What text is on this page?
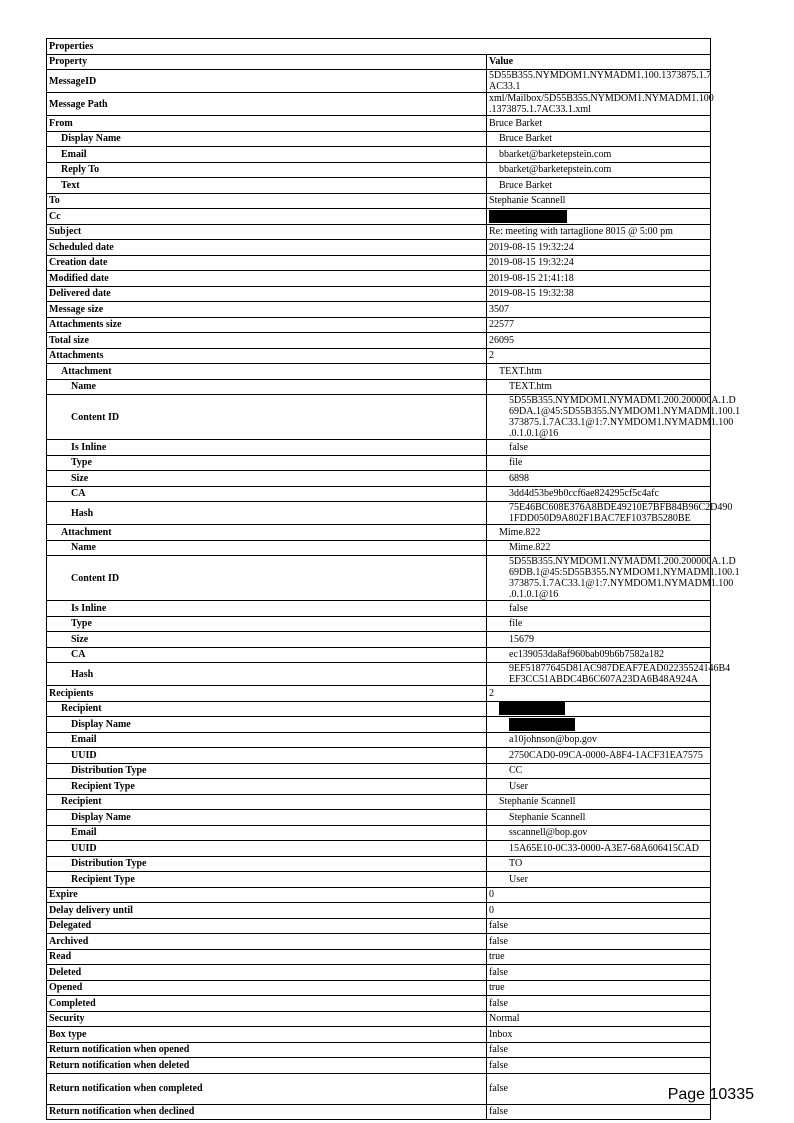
Properties	
Property	Value
MessageID	5D55B355.NYMDOM1.NYMADM1.100.1373875.1.7 AC33.1
Message Path	xml/Mailbox/5D55B355.NYMDOM1.NYMADM1.100 .1373875.1.7AC33.1.xml
From	Bruce Barket
Display Name	Bruce Barket
Email	bbarket@barketepstein.com
Reply To	bbarket@barketepstein.com
Text	Bruce Barket
To	Stephanie Scannell
Cc	
Subject	Re: meeting with tartaglione 8015 @ 5:00 pm
Scheduled date	2019-08-15 19:32:24
Creation date	2019-08-15 19:32:24
Modified date	2019-08-15 21:41:18
Delivered date	2019-08-15 19:32:38
Message size	3507
Attachments size	22577
Total size	26095
Attachments	2
Attachment	TEXT.htm
Name	TEXT.htm
Content ID	5D55B355.NYMDOM1.NYMADM1.200.200000A.1.D
69DA.1@45:5D55B355.NYMDOM1.NYMADM1.100.1
373875.1.7AC33.1@1:7.NYMDOM1.NYMADM1.100 .0.1.0.1@16

Is Inline	false
Type	file
Size	6898
CA	3dd4d53be9b0ccf6ae824295cf5c4afc
Hash	75E46BC608E376A8BDE49210E7BFB84B96C2D490 1FDD050D9A802F1BAC7EF1037B5280BE
Attachment	Mime.822
Name	Mime.822
Content ID	5D55B355.NYMDOM1.NYMADM1.200.200000A.1.D
69DB.1@45:5D55B355.NYMDOM1.NYMADM1.100.1
373875.1.7AC33.1@1:7.NYMDOM1.NYMADM1.100 .0.1.0.1@16

Is Inline	false
Type	file
Size	15679
CA	ec139053da8af960bab09b6b7582a182
Hash	9EF51877645D81AC987DEAF7EAD02235524146B4 EF3CC51ABDC4B6C607A23DA6B48A924A
Recipients	2
Recipient	
Display Name	
Email	a10johnson@bop.gov
UUID	2750CAD0-09CA-0000-A8F4-1ACF31EA7575
Distribution Type	CC
Recipient Type	User
Recipient	Stephanie Scannell
Display Name	Stephanie Scannell
Email	sscannell@bop.gov
UUID	15A65E10-0C33-0000-A3E7-68A606415CAD
Distribution Type	TO
Recipient Type	User
Expire	0
Delay delivery until	0
Delegated	false
Archived	false
Read	true
Deleted	false
Opened	true
Completed	false
Security	Normal
Box type	Inbox
Return notification when opened	false
Return notification when deleted	false
Return notification when completed	false
Return notification when declined	false
Page 10335
